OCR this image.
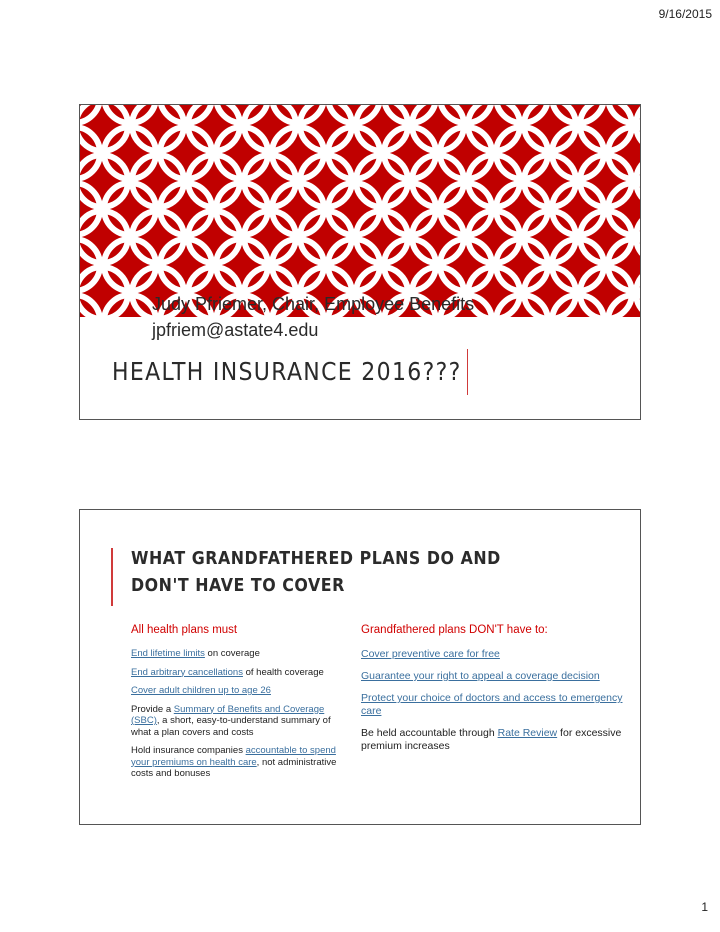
9/16/2015
Judy Pfriemer, Chair, Employee Benefits
jpfriem@astate4.edu
HEALTH INSURANCE 2016???
WHAT GRANDFATHERED PLANS DO AND
DON'T HAVE TO COVER
All health plans must	Grandfathered plans DON'T have to:

End lifetime limits on coverage

End arbitrary cancellations of health coverage

Cover adult children up to age 26

Provide a Summary of Benefits and Coverage (SBC), a short, easy-to-understand summary of what a plan covers and costs

Hold insurance companies accountable to spend your premiums on health care, not administrative costs and bonuses

Cover preventive care for free

Guarantee your right to appeal a coverage decision

Protect your choice of doctors and access to emergency care

Be held accountable through Rate Review for excessive premium increases

1
